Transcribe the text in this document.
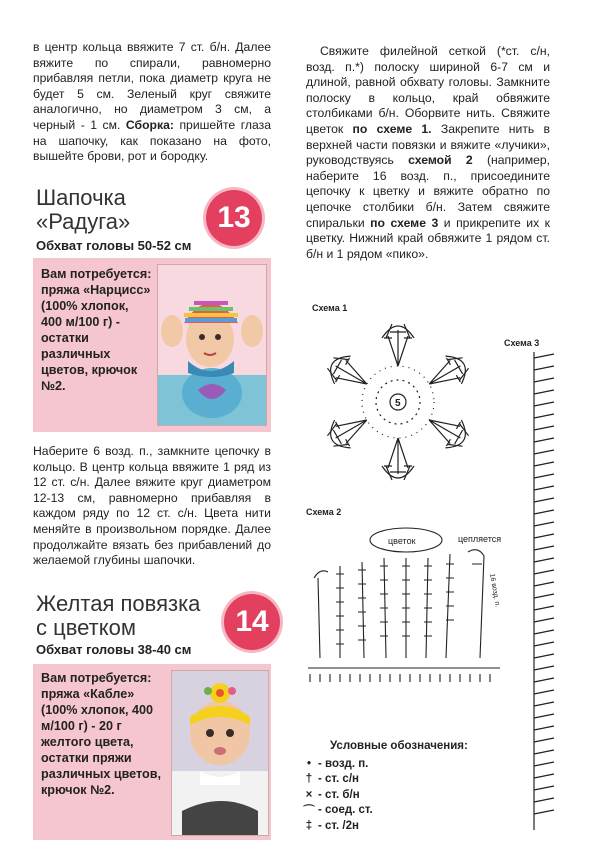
в центр кольца ввяжите 7 ст. б/н. Далее вяжите по спирали, равномерно прибавляя петли, пока диаметр круга не будет 5 см. Зеленый круг свяжите аналогично, но диаметром 3 см, а черный - 1 см. Сборка: пришейте глаза на шапочку, как показано на фото, вышейте брови, рот и бородку.
Шапочка
«Радуга»	13
Обхват головы 50-52 см
Вам потребуется: пряжа «Нарцисс» (100% хлопок, 400 м/100 г) - остатки различных цветов, крючок №2.
Наберите 6 возд. п., замкните цепочку в кольцо. В центр кольца ввяжите 1 ряд из 12 ст. с/н. Далее вяжите круг диаметром 12-13 см, равномерно прибавляя в каждом ряду по 12 ст. с/н. Цвета нити меняйте в произвольном порядке. Далее продолжайте вязать без прибавлений до желаемой глубины шапочки.
Желтая повязка
с цветком	14
Обхват головы 38-40 см
Вам потребуется: пряжа «Кабле» (100% хлопок, 400 м/100 г) - 20 г желтого цвета, остатки пряжи различных цветов, крючок №2.
Свяжите филейной сеткой (*ст. с/н, возд. п.*) полоску шириной 6-7 см и длиной, равной обхвату головы. Замкните полоску в кольцо, край обвяжите столбиками б/н. Оборвите нить. Свяжите цветок по схеме 1. Закрепите нить в верхней части повязки и вяжите «лучики», руководствуясь схемой 2 (например, наберите 16 возд. п., присоедините цепочку к цветку и вяжите обратно по цепочке столбики б/н. Затем свяжите спиральки по схеме 3 и прикрепите их к цветку. Нижний край обвяжите 1 рядом ст. б/н и 1 рядом «пико».
Схема 1
Схема 3
Схема 2
5
цветок	цепляется
16 возд. п.
Условные обозначения:
• - возд. п.
† - ст. с/н
× - ст. б/н
⌒ - соед. ст.
‡ - ст. /2н
